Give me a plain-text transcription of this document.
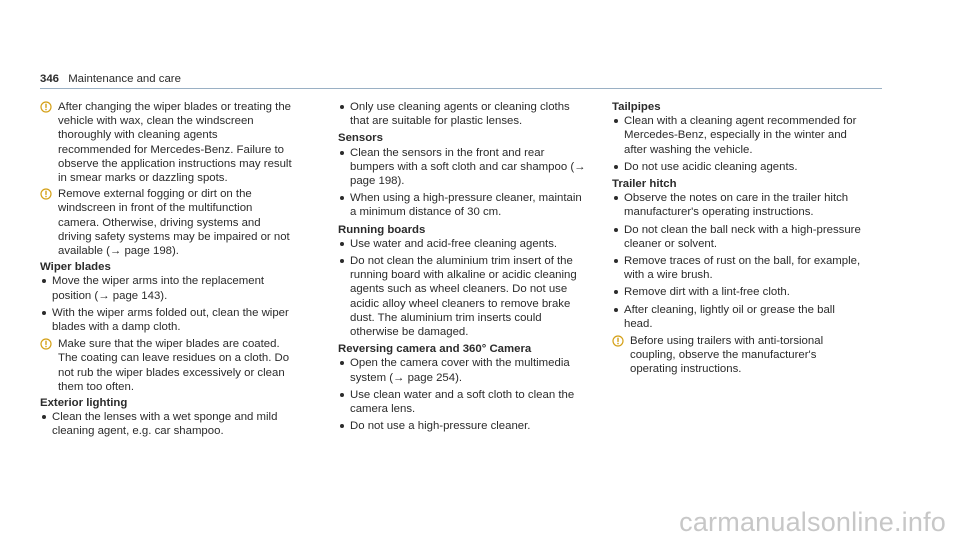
346 Maintenance and care
After changing the wiper blades or treating the vehicle with wax, clean the windscreen thoroughly with cleaning agents recommended for Mercedes-Benz. Failure to observe the application instructions may result in smear marks or dazzling spots.
Remove external fogging or dirt on the windscreen in front of the multifunction camera. Otherwise, driving systems and driving safety systems may be impaired or not available (→ page 198).
Wiper blades
Move the wiper arms into the replacement position (→ page 143).
With the wiper arms folded out, clean the wiper blades with a damp cloth.
Make sure that the wiper blades are coated. The coating can leave residues on a cloth. Do not rub the wiper blades excessively or clean them too often.
Exterior lighting
Clean the lenses with a wet sponge and mild cleaning agent, e.g. car shampoo.
Only use cleaning agents or cleaning cloths that are suitable for plastic lenses.
Sensors
Clean the sensors in the front and rear bumpers with a soft cloth and car shampoo (→ page 198).
When using a high-pressure cleaner, maintain a minimum distance of 30 cm.
Running boards
Use water and acid-free cleaning agents.
Do not clean the aluminium trim insert of the running board with alkaline or acidic cleaning agents such as wheel cleaners. Do not use acidic alloy wheel cleaners to remove brake dust. The aluminium trim inserts could otherwise be damaged.
Reversing camera and 360° Camera
Open the camera cover with the multimedia system (→ page 254).
Use clean water and a soft cloth to clean the camera lens.
Do not use a high-pressure cleaner.
Tailpipes
Clean with a cleaning agent recommended for Mercedes-Benz, especially in the winter and after washing the vehicle.
Do not use acidic cleaning agents.
Trailer hitch
Observe the notes on care in the trailer hitch manufacturer's operating instructions.
Do not clean the ball neck with a high-pressure cleaner or solvent.
Remove traces of rust on the ball, for example, with a wire brush.
Remove dirt with a lint-free cloth.
After cleaning, lightly oil or grease the ball head.
Before using trailers with anti-torsional coupling, observe the manufacturer's operating instructions.
carmanualsonline.info
